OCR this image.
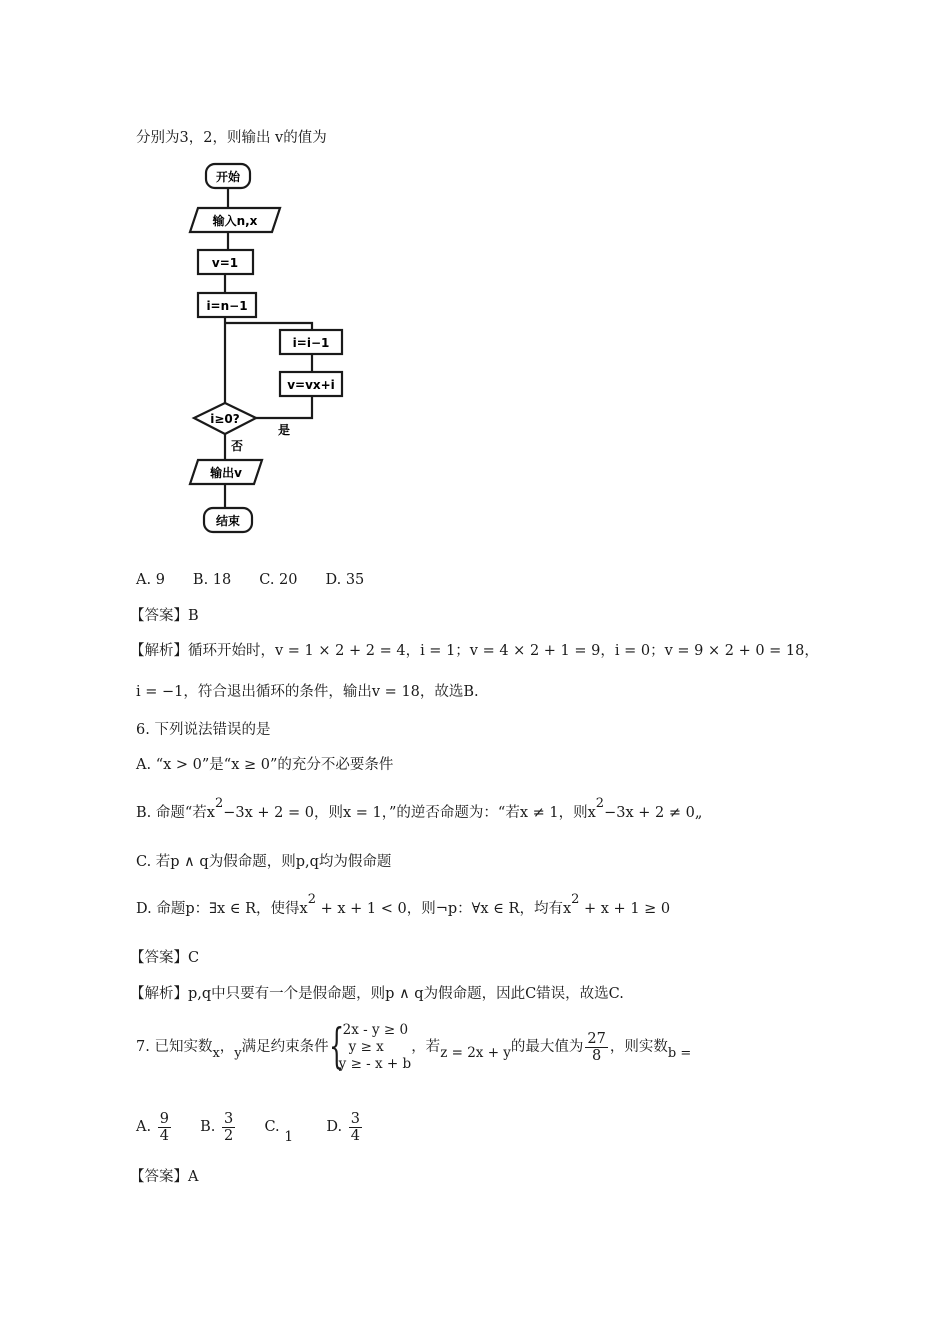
分别为3，2，则输出 v的值为
开始
输入n,x
v=1
i=n−1
i=i−1
v=vx+i
i≥0?
否
是
输出v
结束
A. 9 B. 18 C. 20 D. 35
【答案】B
【解析】循环开始时，v = 1 × 2 + 2 = 4，i = 1；v = 4 × 2 + 1 = 9，i = 0；v = 9 × 2 + 0 = 18，
i = −1，符合退出循环的条件，输出v = 18，故选B.
6. 下列说法错误的是
A. “x > 0”是“x ≥ 0”的充分不必要条件
B. 命题“若x2−3x + 2 = 0，则x = 1，”的逆否命题为：“若x ≠ 1，则x2−3x + 2 ≠ 0„
C. 若p ∧ q为假命题，则p,q均为假命题
D. 命题p：∃x ∈ R，使得x2 + x + 1 < 0，则¬p：∀x ∈ R，均有x2 + x + 1 ≥ 0
【答案】C
【解析】p,q中只要有一个是假命题，则p ∧ q为假命题，因此C错误，故选C.
7. 已知实数x，y满足约束条件 {
2x - y ≥ 0
y ≥ x
y ≥ - x + b
，若z = 2x + y的最大值为 $\frac{27}{8}$ ，则实数b =
A. $\frac{9}{4} B$. $\frac{3}{2} C$. 1  D. $\frac{3}{4}$
【答案】A
